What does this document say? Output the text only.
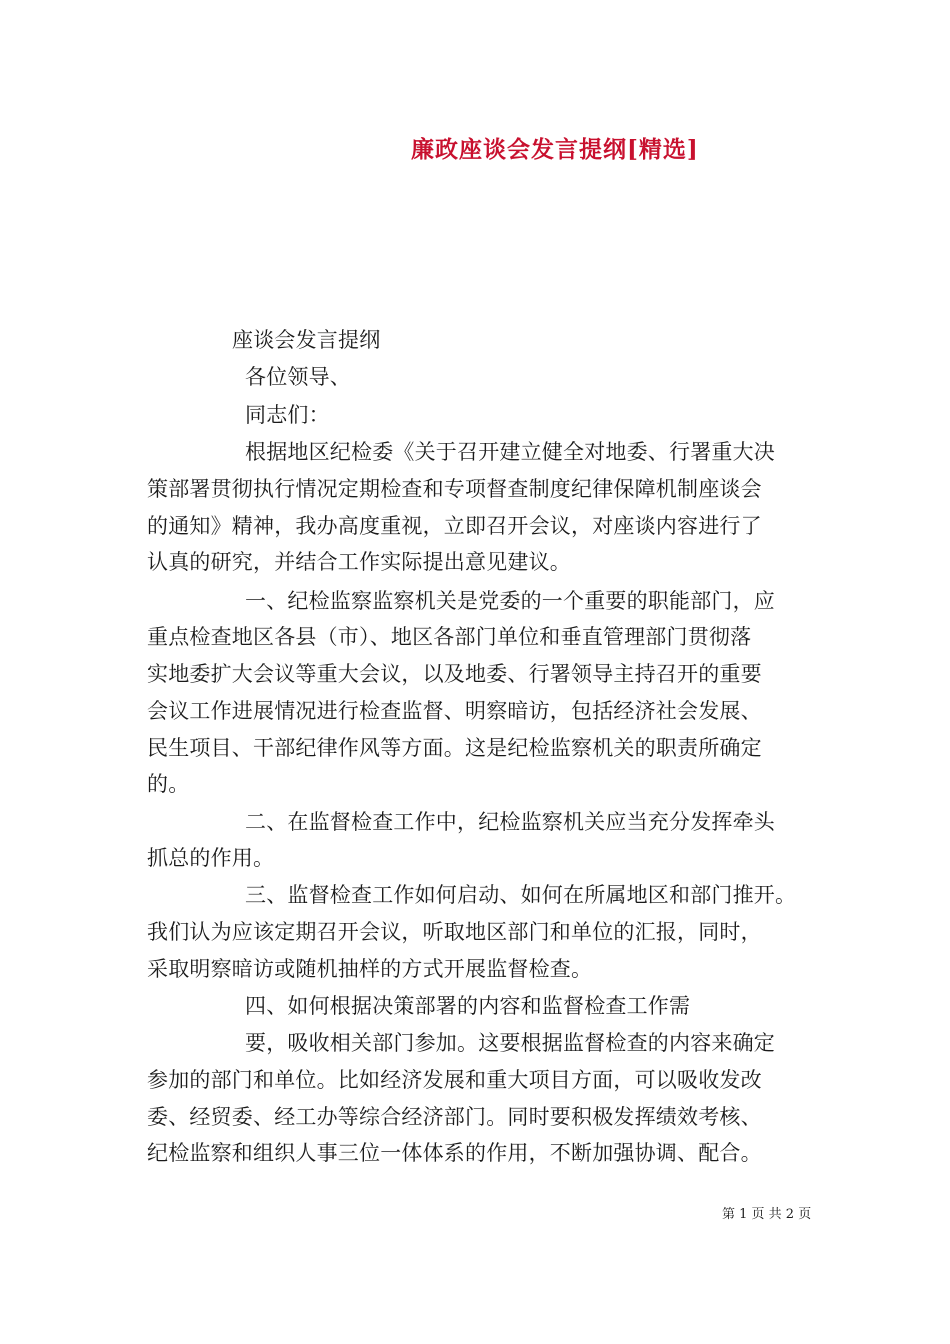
廉政座谈会发言提纲[精选]
座谈会发言提纲
各位领导、
同志们：
根据地区纪检委《关于召开建立健全对地委、行署重大决
策部署贯彻执行情况定期检查和专项督查制度纪律保障机制座谈会
的通知》精神，我办高度重视，立即召开会议，对座谈内容进行了
认真的研究，并结合工作实际提出意见建议。
一、纪检监察监察机关是党委的一个重要的职能部门，应
重点检查地区各县（市）、地区各部门单位和垂直管理部门贯彻落
实地委扩大会议等重大会议，以及地委、行署领导主持召开的重要
会议工作进展情况进行检查监督、明察暗访，包括经济社会发展、
民生项目、干部纪律作风等方面。这是纪检监察机关的职责所确定
的。
二、在监督检查工作中，纪检监察机关应当充分发挥牵头
抓总的作用。
三、监督检查工作如何启动、如何在所属地区和部门推开。
我们认为应该定期召开会议，听取地区部门和单位的汇报，同时，
采取明察暗访或随机抽样的方式开展监督检查。
四、如何根据决策部署的内容和监督检查工作需
要，吸收相关部门参加。这要根据监督检查的内容来确定
参加的部门和单位。比如经济发展和重大项目方面，可以吸收发改
委、经贸委、经工办等综合经济部门。同时要积极发挥绩效考核、
纪检监察和组织人事三位一体体系的作用，不断加强协调、配合。
第 1 页 共 2 页
